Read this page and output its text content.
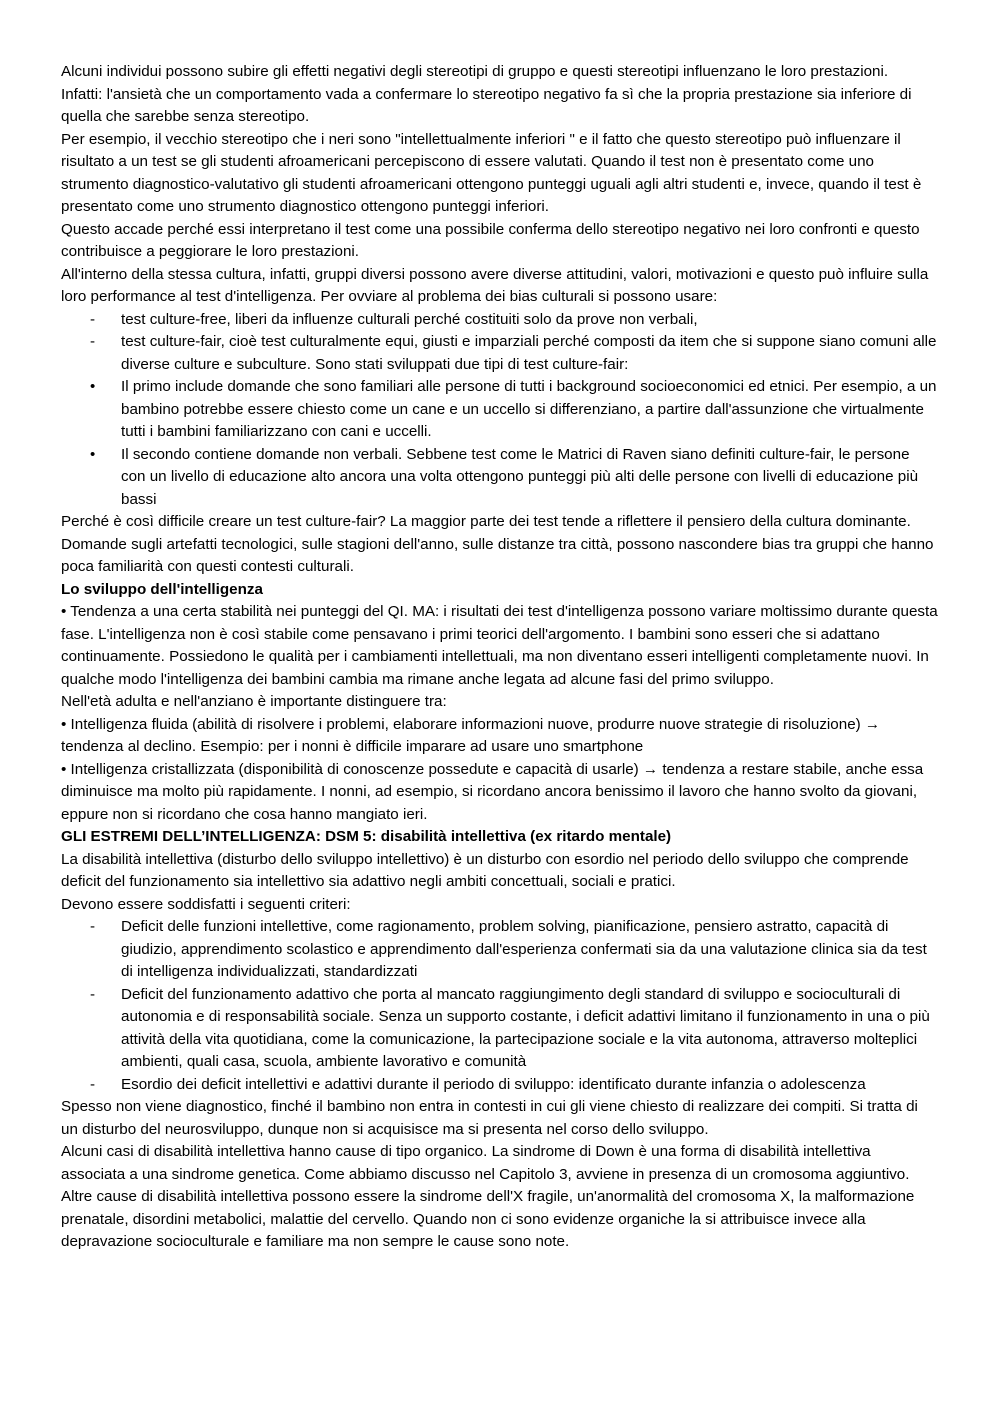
Alcuni individui possono subire gli effetti negativi degli stereotipi di gruppo e questi stereotipi influenzano le loro prestazioni.

Infatti: l'ansietà che un comportamento vada a confermare lo stereotipo negativo fa sì che la propria prestazione sia inferiore di quella che sarebbe senza stereotipo.

Per esempio, il vecchio stereotipo che i neri sono "intellettualmente inferiori " e il fatto che questo stereotipo può influenzare il risultato a un test se gli studenti afroamericani percepiscono di essere valutati. Quando il test non è presentato come uno strumento diagnostico-valutativo gli studenti afroamericani ottengono punteggi uguali agli altri studenti e, invece, quando il test è presentato come uno strumento diagnostico ottengono punteggi inferiori.

Questo accade perché essi interpretano il test come una possibile conferma dello stereotipo negativo nei loro confronti e questo contribuisce a peggiorare le loro prestazioni.

All'interno della stessa cultura, infatti, gruppi diversi possono avere diverse attitudini, valori, motivazioni e questo può influire sulla loro performance al test d'intelligenza. Per ovviare al problema dei bias culturali si possono usare:

- test culture-free, liberi da influenze culturali perché costituiti solo da prove non verbali,
- test culture-fair, cioè test culturalmente equi, giusti e imparziali perché composti da item che si suppone siano comuni alle diverse culture e subculture. Sono stati sviluppati due tipi di test culture-fair:
• Il primo include domande che sono familiari alle persone di tutti i background socioeconomici ed etnici. Per esempio, a un bambino potrebbe essere chiesto come un cane e un uccello si differenziano, a partire dall'assunzione che virtualmente tutti i bambini familiarizzano con cani e uccelli.
• Il secondo contiene domande non verbali. Sebbene test come le Matrici di Raven siano definiti culture-fair, le persone con un livello di educazione alto ancora una volta ottengono punteggi più alti delle persone con livelli di educazione più bassi

Perché è così difficile creare un test culture-fair? La maggior parte dei test tende a riflettere il pensiero della cultura dominante. Domande sugli artefatti tecnologici, sulle stagioni dell'anno, sulle distanze tra città, possono nascondere bias tra gruppi che hanno poca familiarità con questi contesti culturali.

Lo sviluppo dell'intelligenza

• Tendenza a una certa stabilità nei punteggi del QI. MA: i risultati dei test d'intelligenza possono variare moltissimo durante questa fase. L'intelligenza non è così stabile come pensavano i primi teorici dell'argomento. I bambini sono esseri che si adattano continuamente. Possiedono le qualità per i cambiamenti intellettuali, ma non diventano esseri intelligenti completamente nuovi. In qualche modo l'intelligenza dei bambini cambia ma rimane anche legata ad alcune fasi del primo sviluppo.

Nell'età adulta e nell'anziano è importante distinguere tra:

• Intelligenza fluida (abilità di risolvere i problemi, elaborare informazioni nuove, produrre nuove strategie di risoluzione) → tendenza al declino. Esempio: per i nonni è difficile imparare ad usare uno smartphone

• Intelligenza cristallizzata (disponibilità di conoscenze possedute e capacità di usarle) → tendenza a restare stabile, anche essa diminuisce ma molto più rapidamente. I nonni, ad esempio, si ricordano ancora benissimo il lavoro che hanno svolto da giovani, eppure non si ricordano che cosa hanno mangiato ieri.

GLI ESTREMI DELL’INTELLIGENZA: DSM 5: disabilità intellettiva (ex ritardo mentale)

La disabilità intellettiva (disturbo dello sviluppo intellettivo) è un disturbo con esordio nel periodo dello sviluppo che comprende deficit del funzionamento sia intellettivo sia adattivo negli ambiti concettuali, sociali e pratici.

Devono essere soddisfatti i seguenti criteri:

- Deficit delle funzioni intellettive, come ragionamento, problem solving, pianificazione, pensiero astratto, capacità di giudizio, apprendimento scolastico e apprendimento dall'esperienza confermati sia da una valutazione clinica sia da test di intelligenza individualizzati, standardizzati
- Deficit del funzionamento adattivo che porta al mancato raggiungimento degli standard di sviluppo e socioculturali di autonomia e di responsabilità sociale. Senza un supporto costante, i deficit adattivi limitano il funzionamento in una o più attività della vita quotidiana, come la comunicazione, la partecipazione sociale e la vita autonoma, attraverso molteplici ambienti, quali casa, scuola, ambiente lavorativo e comunità
- Esordio dei deficit intellettivi e adattivi durante il periodo di sviluppo: identificato durante infanzia o adolescenza

Spesso non viene diagnostico, finché il bambino non entra in contesti in cui gli viene chiesto di realizzare dei compiti. Si tratta di un disturbo del neurosviluppo, dunque non si acquisisce ma si presenta nel corso dello sviluppo.

Alcuni casi di disabilità intellettiva hanno cause di tipo organico. La sindrome di Down è una forma di disabilità intellettiva associata a una sindrome genetica. Come abbiamo discusso nel Capitolo 3, avviene in presenza di un cromosoma aggiuntivo. Altre cause di disabilità intellettiva possono essere la sindrome dell'X fragile, un'anormalità del cromosoma X, la malformazione prenatale, disordini metabolici, malattie del cervello. Quando non ci sono evidenze organiche la si attribuisce invece alla depravazione socioculturale e familiare ma non sempre le cause sono note.
